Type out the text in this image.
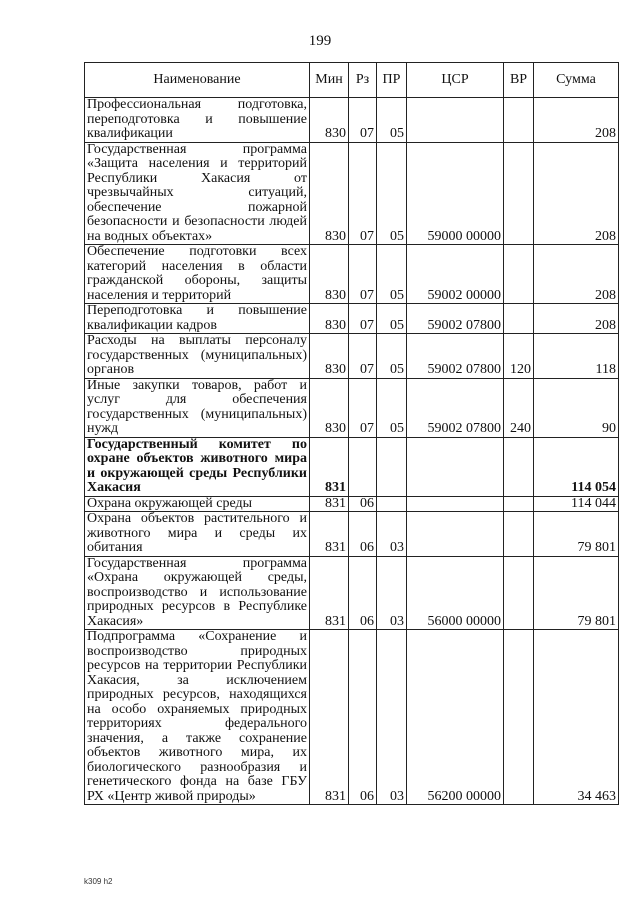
199
Наименование	Мин	Рз	ПР	ЦСР	ВР	Сумма
Профессиональная подготовка, переподготовка и повышение квалификации	830	07	05			208
Государственная программа «Защита населения и территорий Республики Хакасия от чрезвычайных ситуаций, обеспечение пожарной безопасности и безопасности людей на водных объектах»	830	07	05	59000 00000		208
Обеспечение подготовки всех категорий населения в области гражданской обороны, защиты населения и территорий	830	07	05	59002 00000		208
Переподготовка и повышение квалификации кадров	830	07	05	59002 07800		208
Расходы на выплаты персоналу государственных (муниципальных) органов	830	07	05	59002 07800	120	118
Иные закупки товаров, работ и услуг для обеспечения государственных (муниципальных) нужд	830	07	05	59002 07800	240	90
Государственный комитет по охране объектов животного мира и окружающей среды Республики Хакасия	831					114 054
Охрана окружающей среды	831	06				114 044
Охрана объектов растительного и животного мира и среды их обитания	831	06	03			79 801
Государственная программа «Охрана окружающей среды, воспроизводство и использование природных ресурсов в Республике Хакасия»	831	06	03	56000 00000		79 801
Подпрограмма «Сохранение и воспроизводство природных ресурсов на территории Республики Хакасия, за исключением природных ресурсов, находящихся на особо охраняемых природных территориях федерального значения, а также сохранение объектов животного мира, их биологического разнообразия и генетического фонда на базе ГБУ РХ «Центр живой природы»	831	06	03	56200 00000		34 463
k309 h2
